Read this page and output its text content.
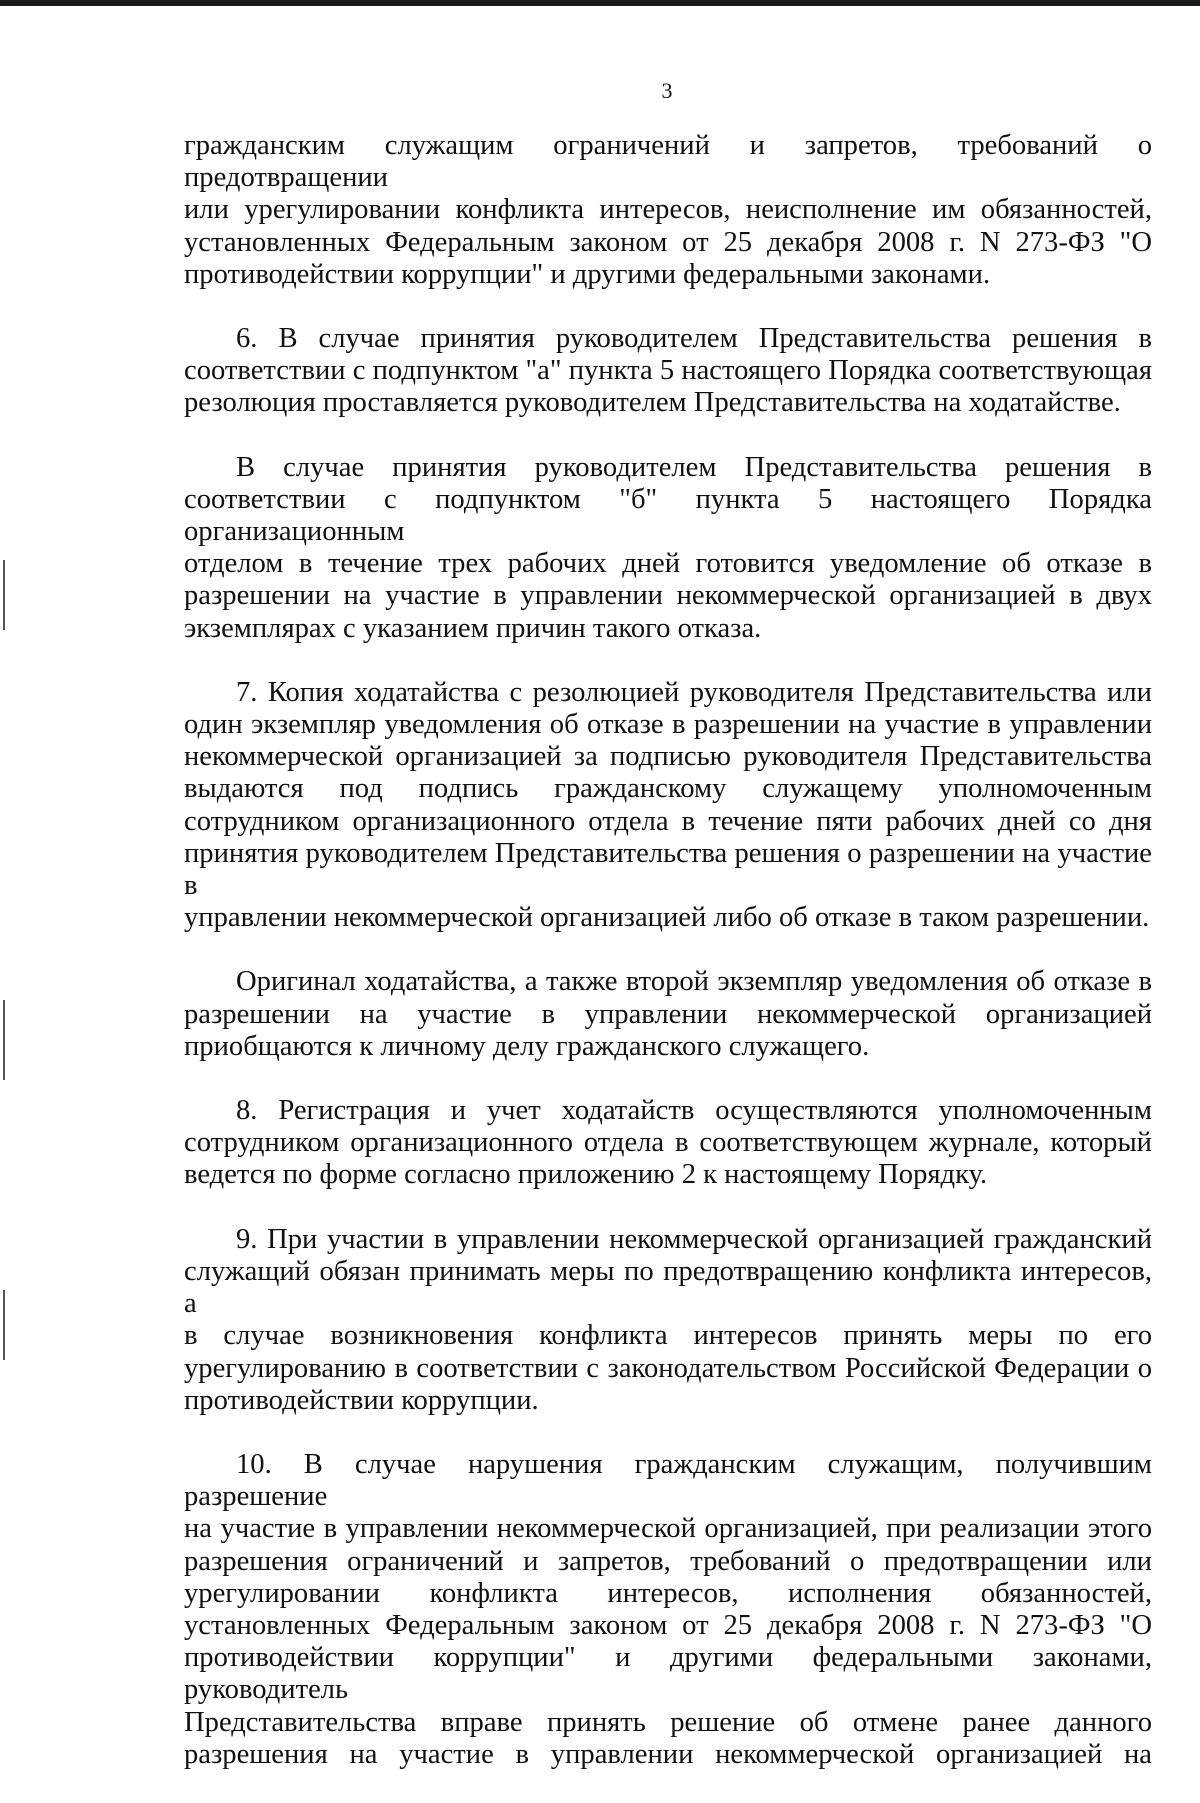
3

гражданским служащим ограничений и запретов, требований о предотвращении
или урегулировании конфликта интересов, неисполнение им обязанностей,
установленных Федеральным законом от 25 декабря 2008 г. N 273-ФЗ "О
противодействии коррупции" и другими федеральными законами.

6. В случае принятия руководителем Представительства решения в
соответствии с подпунктом "а" пункта 5 настоящего Порядка соответствующая
резолюция проставляется руководителем Представительства на ходатайстве.

В случае принятия руководителем Представительства решения в
соответствии с подпунктом "б" пункта 5 настоящего Порядка организационным
отделом в течение трех рабочих дней готовится уведомление об отказе в
разрешении на участие в управлении некоммерческой организацией в двух
экземплярах с указанием причин такого отказа.

7. Копия ходатайства с резолюцией руководителя Представительства или
один экземпляр уведомления об отказе в разрешении на участие в управлении
некоммерческой организацией за подписью руководителя Представительства
выдаются под подпись гражданскому служащему уполномоченным
сотрудником организационного отдела в течение пяти рабочих дней со дня
принятия руководителем Представительства решения о разрешении на участие в
управлении некоммерческой организацией либо об отказе в таком разрешении.

Оригинал ходатайства, а также второй экземпляр уведомления об отказе в
разрешении на участие в управлении некоммерческой организацией
приобщаются к личному делу гражданского служащего.

8. Регистрация и учет ходатайств осуществляются уполномоченным
сотрудником организационного отдела в соответствующем журнале, который
ведется по форме согласно приложению 2 к настоящему Порядку.

9. При участии в управлении некоммерческой организацией гражданский
служащий обязан принимать меры по предотвращению конфликта интересов, а
в случае возникновения конфликта интересов принять меры по его
урегулированию в соответствии с законодательством Российской Федерации о
противодействии коррупции.

10. В случае нарушения гражданским служащим, получившим разрешение
на участие в управлении некоммерческой организацией, при реализации этого
разрешения ограничений и запретов, требований о предотвращении или
урегулировании конфликта интересов, исполнения обязанностей,
установленных Федеральным законом от 25 декабря 2008 г. N 273-ФЗ "О
противодействии коррупции" и другими федеральными законами, руководитель
Представительства вправе принять решение об отмене ранее данного
разрешения на участие в управлении некоммерческой организацией на
